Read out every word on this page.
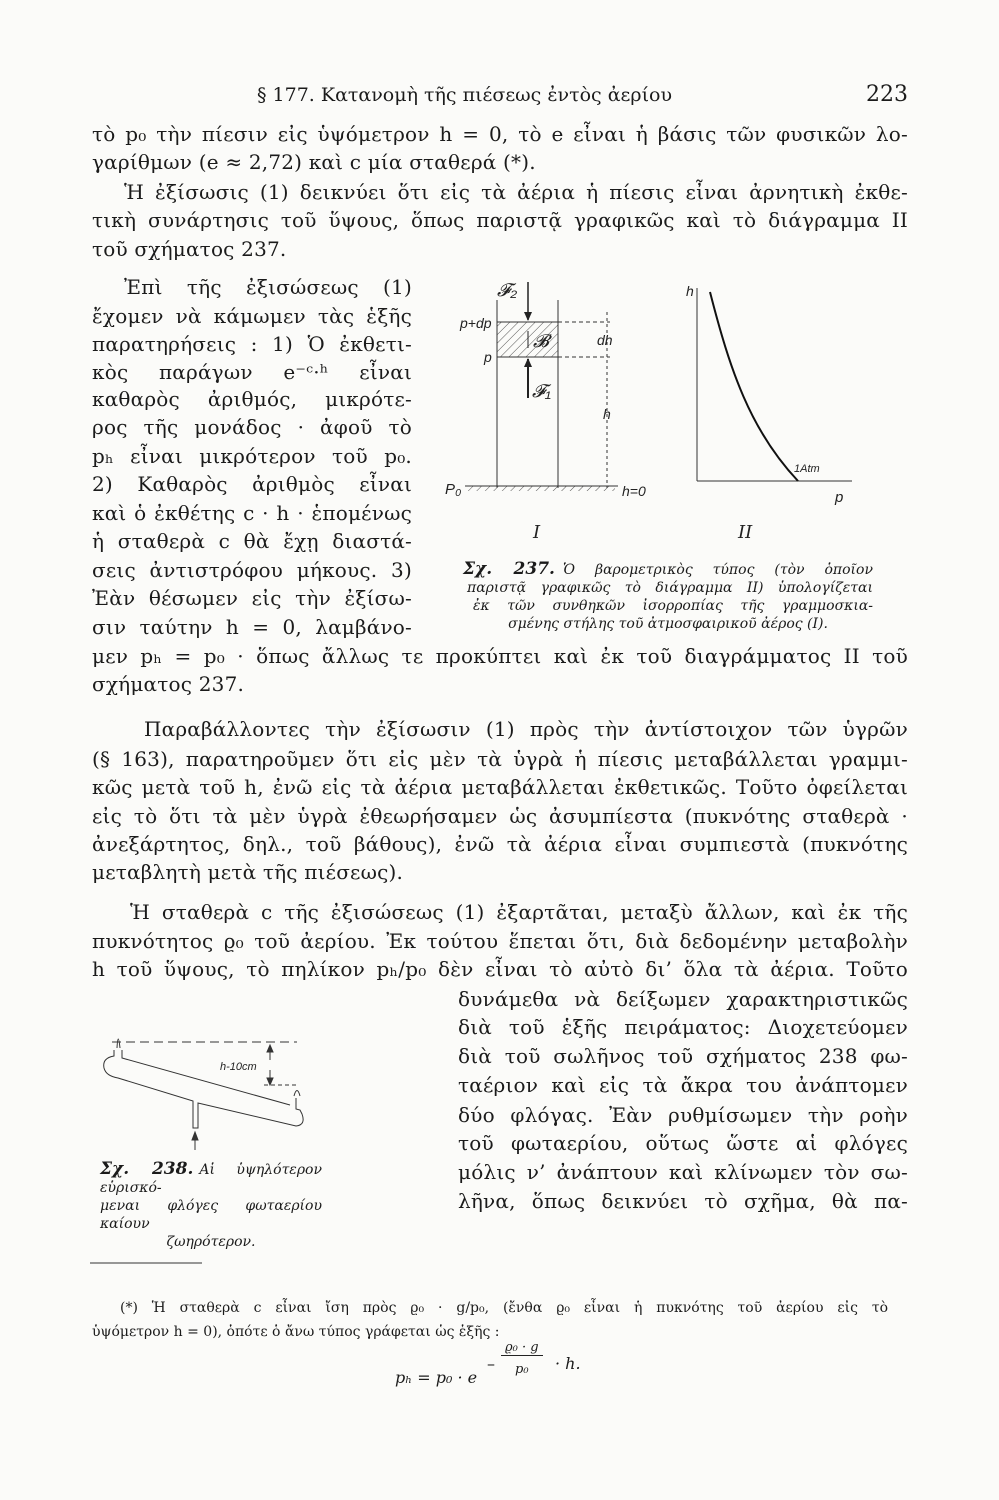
§ 177. Κατανομὴ τῆς πιέσεως ἐντὸς ἀερίου	223
τὸ p₀ τὴν πίεσιν εἰς ὑψόμετρον h = 0, τὸ e εἶναι ἡ βάσις τῶν φυσικῶν λο-
γαρίθμων (e ≈ 2,72) καὶ c μία σταθερά (*).
Ἡ ἐξίσωσις (1) δεικνύει ὅτι εἰς τὰ ἀέρια ἡ πίεσις εἶναι ἀρνητικὴ ἐκθε-
τικὴ συνάρτησις τοῦ ὕψους, ὅπως παριστᾷ γραφικῶς καὶ τὸ διάγραμμα II
τοῦ σχήματος 237.
Ἐπὶ τῆς ἐξισώσεως (1)
ἔχομεν νὰ κάμωμεν τὰς ἑξῆς
παρατηρήσεις : 1) Ὁ ἐκθετι-
κὸς παράγων e⁻ᶜ·ʰ εἶναι
καθαρὸς ἀριθμός, μικρότε-
ρος τῆς μονάδος · ἀφοῦ τὸ
pₕ εἶναι μικρότερον τοῦ p₀.
2) Καθαρὸς ἀριθμὸς εἶναι
καὶ ὁ ἐκθέτης c · h · ἑπομένως
ἡ σταθερὰ c θὰ ἔχῃ διαστά-
σεις ἀντιστρόφου μήκους. 3)
Ἐὰν θέσωμεν εἰς τὴν ἐξίσω-
σιν ταύτην h = 0, λαμβάνο-
μεν pₕ = p₀ · ὅπως ἄλλως τε προκύπτει καὶ ἐκ τοῦ διαγράμματος II τοῦ
σχήματος 237.
Παραβάλλοντες τὴν ἐξίσωσιν (1) πρὸς τὴν ἀντίστοιχον τῶν ὑγρῶν
(§ 163), παρατηροῦμεν ὅτι εἰς μὲν τὰ ὑγρὰ ἡ πίεσις μεταβάλλεται γραμμι-
κῶς μετὰ τοῦ h, ἐνῶ εἰς τὰ ἀέρια μεταβάλλεται ἐκθετικῶς. Τοῦτο ὀφείλεται
εἰς τὸ ὅτι τὰ μὲν ὑγρὰ ἐθεωρήσαμεν ὡς ἀσυμπίεστα (πυκνότης σταθερὰ ·
ἀνεξάρτητος, δηλ., τοῦ βάθους), ἐνῶ τὰ ἀέρια εἶναι συμπιεστὰ (πυκνότης
μεταβλητὴ μετὰ τῆς πιέσεως).
Ἡ σταθερὰ c τῆς ἐξισώσεως (1) ἐξαρτᾶται, μεταξὺ ἄλλων, καὶ ἐκ τῆς
πυκνότητος ϱ₀ τοῦ ἀερίου. Ἐκ τούτου ἕπεται ὅτι, διὰ δεδομένην μεταβολὴν
h τοῦ ὕψους, τὸ πηλίκον pₕ/p₀ δὲν εἶναι τὸ αὐτὸ δι’ ὅλα τὰ ἀέρια. Τοῦτο
δυνάμεθα νὰ δείξωμεν χαρακτηριστικῶς
διὰ τοῦ ἑξῆς πειράματος: Διοχετεύομεν
διὰ τοῦ σωλῆνος τοῦ σχήματος 238 φω-
ταέριον καὶ εἰς τὰ ἄκρα του ἀνάπτομεν
δύο φλόγας. Ἐὰν ρυθμίσωμεν τὴν ροὴν
τοῦ φωταερίου, οὕτως ὥστε αἱ φλόγες
μόλις ν’ ἀνάπτουν καὶ κλίνωμεν τὸν σω-
λῆνα, ὅπως δεικνύει τὸ σχῆμα, θὰ πα-
p+dp
p
P₀
𝓕₂
𝓑
𝓕₁
dh
h
h=0
I
h
p
1Atm
II
h-10cm
Σχ. 237. Ὁ βαρομετρικὸς τύπος (τὸν ὁποῖον
παριστᾷ γραφικῶς τὸ διάγραμμα II) ὑπολογίζεται
ἐκ τῶν συνθηκῶν ἰσορροπίας τῆς γραμμοσκια-
σμένης στήλης τοῦ ἀτμοσφαιρικοῦ ἀέρος (I).
Σχ. 238. Αἱ ὑψηλότερον εὑρισκό-
μεναι φλόγες φωταερίου καίουν
ζωηρότερον.
(*) Ἡ σταθερὰ c εἶναι ἴση πρὸς ϱ₀ · g/p₀, (ἔνθα ϱ₀ εἶναι ἡ πυκνότης τοῦ ἀερίου εἰς τὸ
ὑψόμετρον h = 0), ὁπότε ὁ ἄνω τύπος γράφεται ὡς ἑξῆς :
pₕ = p₀ · e
–
ϱ₀ · g
p₀ · h.
